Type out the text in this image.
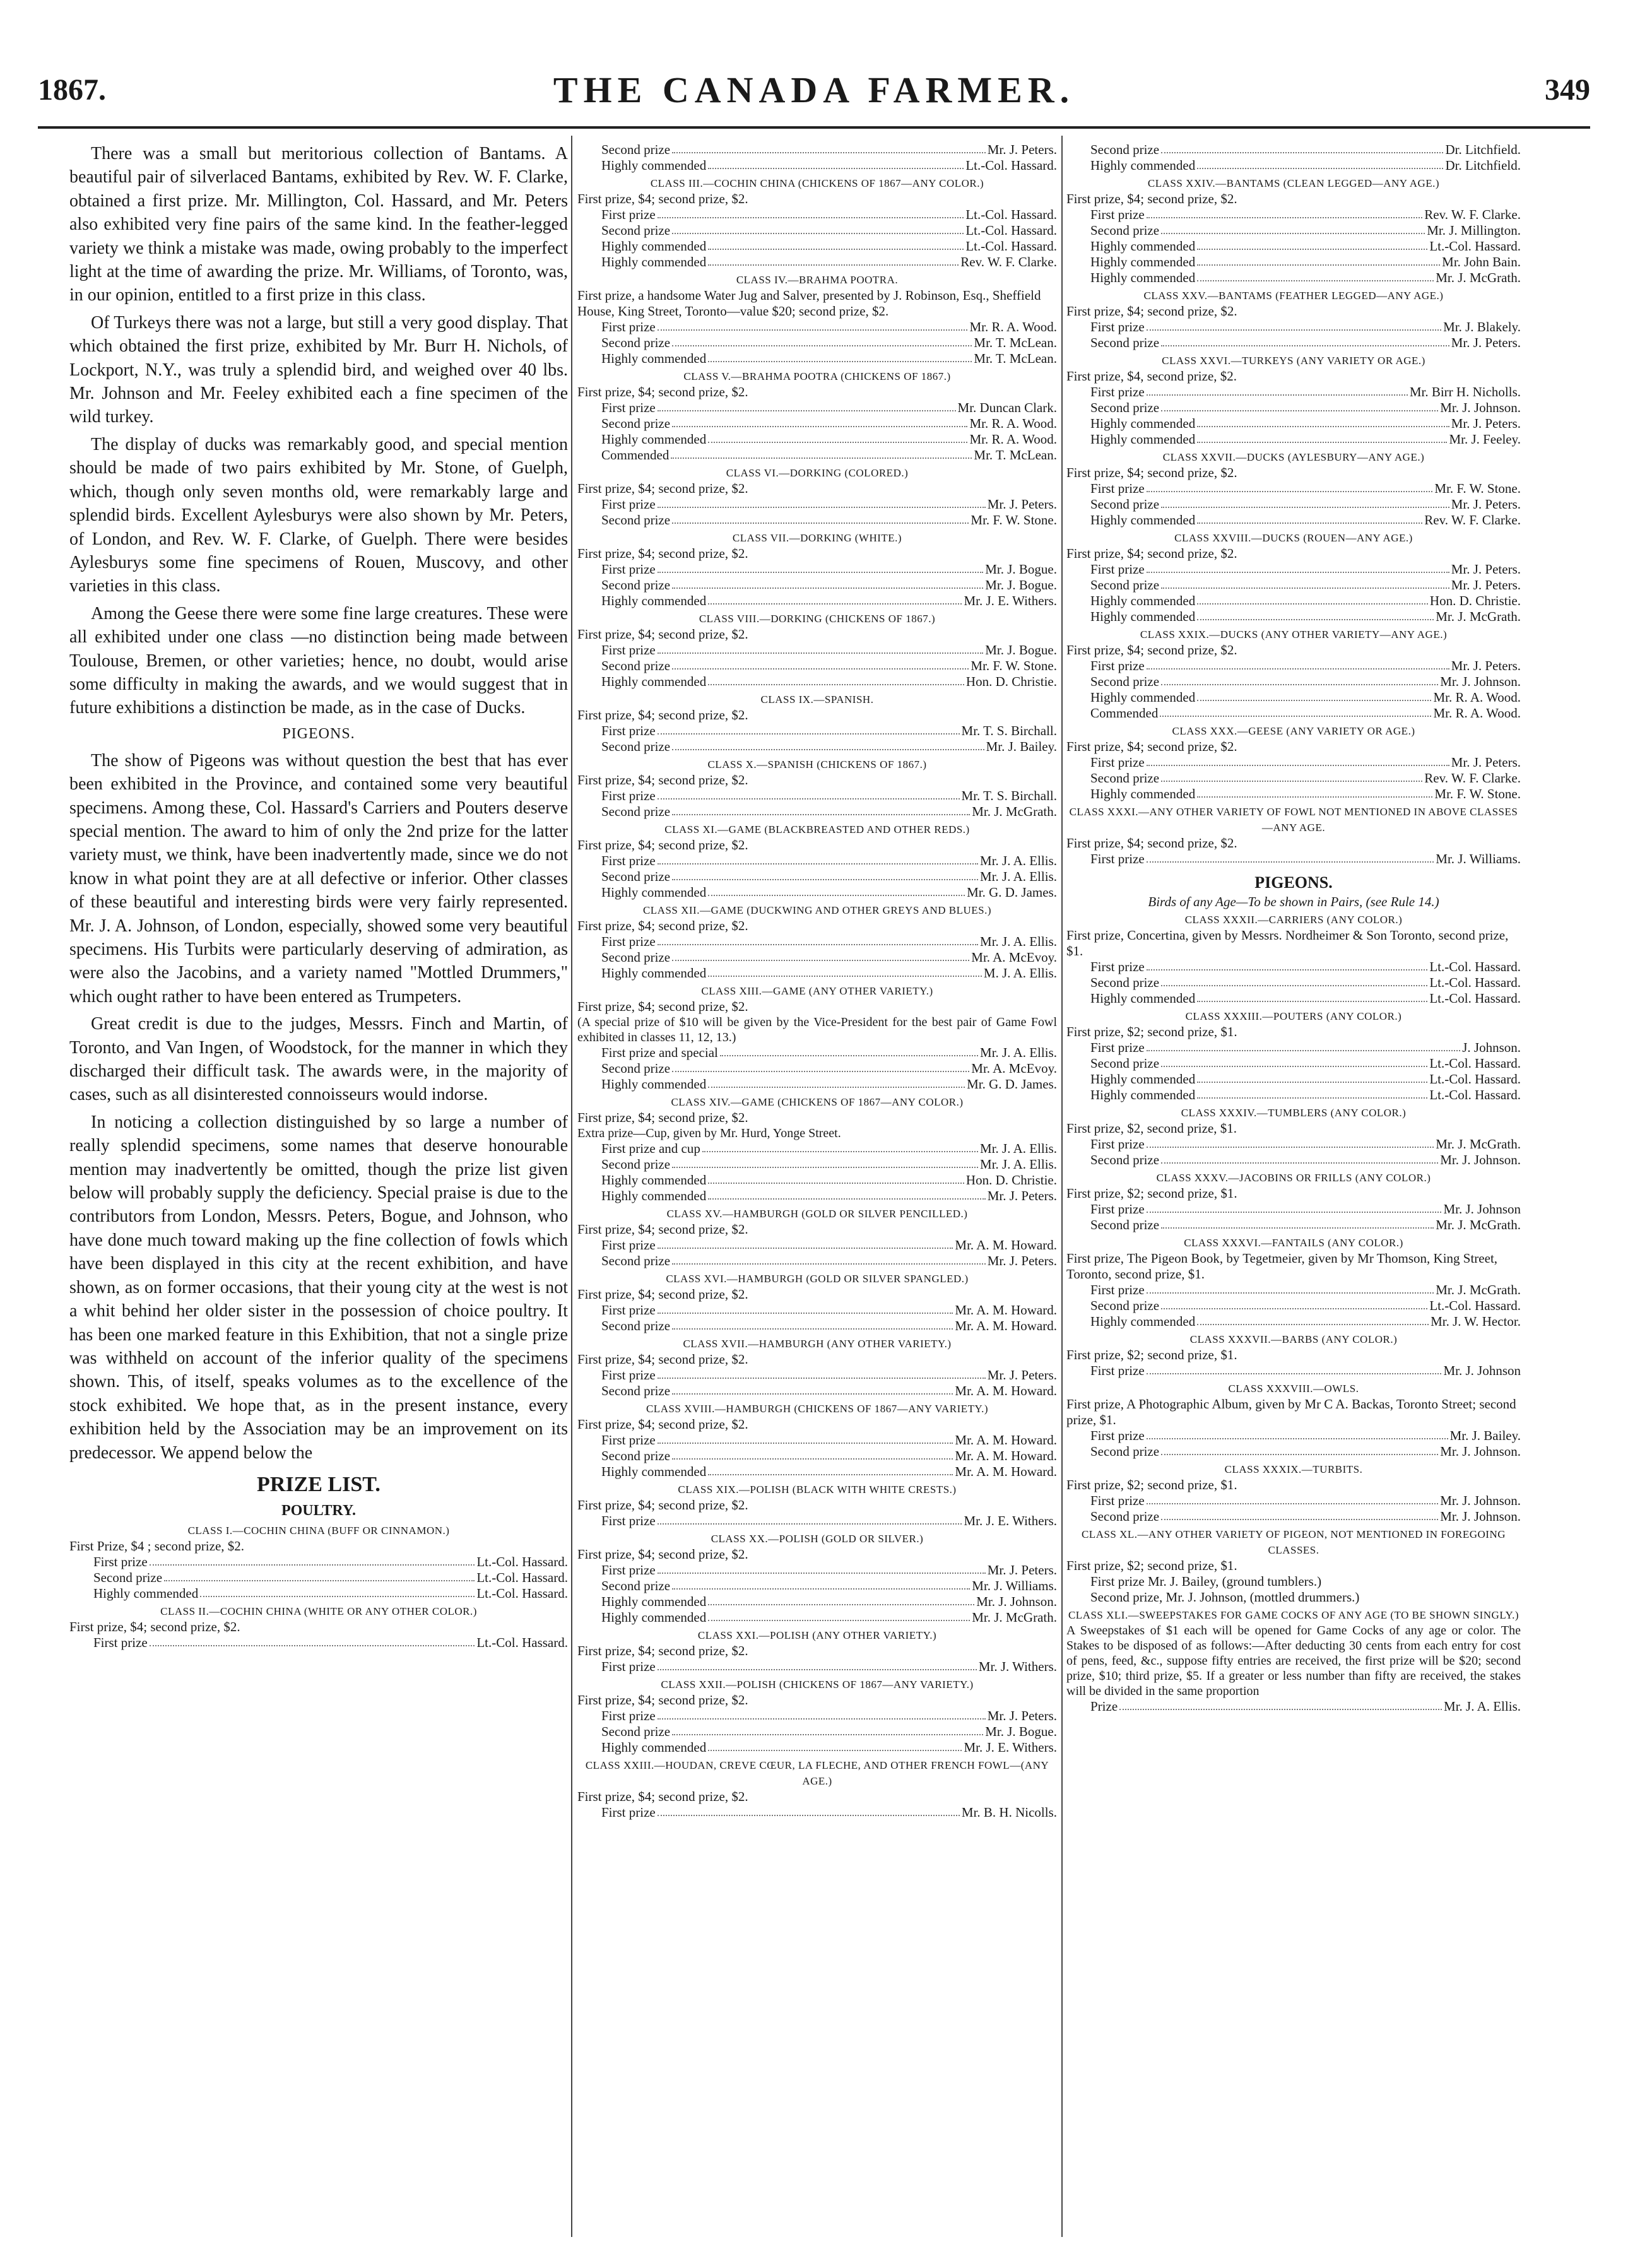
1867.	THE CANADA FARMER.	349

There was a small but meritorious collection of Bantams. A beautiful pair of silverlaced Bantams, exhibited by Rev. W. F. Clarke, obtained a first prize. Mr. Millington, Col. Hassard, and Mr. Peters also exhibited very fine pairs of the same kind. In the feather-legged variety we think a mistake was made, owing probably to the imperfect light at the time of awarding the prize. Mr. Williams, of Toronto, was, in our opinion, entitled to a first prize in this class.

Of Turkeys there was not a large, but still a very good display. That which obtained the first prize, exhibited by Mr. Burr H. Nichols, of Lockport, N.Y., was truly a splendid bird, and weighed over 40 lbs. Mr. Johnson and Mr. Feeley exhibited each a fine specimen of the wild turkey.

The display of ducks was remarkably good, and special mention should be made of two pairs exhibited by Mr. Stone, of Guelph, which, though only seven months old, were remarkably large and splendid birds. Excellent Aylesburys were also shown by Mr. Peters, of London, and Rev. W. F. Clarke, of Guelph. There were besides Aylesburys some fine specimens of Rouen, Muscovy, and other varieties in this class.

Among the Geese there were some fine large creatures. These were all exhibited under one class —no distinction being made between Toulouse, Bremen, or other varieties; hence, no doubt, would arise some difficulty in making the awards, and we would suggest that in future exhibitions a distinction be made, as in the case of Ducks.

PIGEONS.

The show of Pigeons was without question the best that has ever been exhibited in the Province, and contained some very beautiful specimens. Among these, Col. Hassard's Carriers and Pouters deserve special mention. The award to him of only the 2nd prize for the latter variety must, we think, have been inadvertently made, since we do not know in what point they are at all defective or inferior. Other classes of these beautiful and interesting birds were very fairly represented. Mr. J. A. Johnson, of London, especially, showed some very beautiful specimens. His Turbits were particularly deserving of admiration, as were also the Jacobins, and a variety named "Mottled Drummers," which ought rather to have been entered as Trumpeters.

Great credit is due to the judges, Messrs. Finch and Martin, of Toronto, and Van Ingen, of Woodstock, for the manner in which they discharged their difficult task. The awards were, in the majority of cases, such as all disinterested connoisseurs would indorse.

In noticing a collection distinguished by so large a number of really splendid specimens, some names that deserve honourable mention may inadvertently be omitted, though the prize list given below will probably supply the deficiency. Special praise is due to the contributors from London, Messrs. Peters, Bogue, and Johnson, who have done much toward making up the fine collection of fowls which have been displayed in this city at the recent exhibition, and have shown, as on former occasions, that their young city at the west is not a whit behind her older sister in the possession of choice poultry. It has been one marked feature in this Exhibition, that not a single prize was withheld on account of the inferior quality of the specimens shown. This, of itself, speaks volumes as to the excellence of the stock exhibited. We hope that, as in the present instance, every exhibition held by the Association may be an improvement on its predecessor. We append below the

PRIZE LIST.

POULTRY.

CLASS I.—COCHIN CHINA (BUFF OR CINNAMON.)
First Prize, $4 ; second prize, $2.
First prize	Lt.-Col. Hassard.
Second prize	Lt.-Col. Hassard.
Highly commended	Lt.-Col. Hassard.
CLASS II.—COCHIN CHINA (WHITE OR ANY OTHER COLOR.)
First prize, $4; second prize, $2.
First prize	Lt.-Col. Hassard.
Second prize	Mr. J. Peters.
Highly commended	Lt.-Col. Hassard.
CLASS III.—COCHIN CHINA (CHICKENS OF 1867—ANY COLOR.)
First prize, $4; second prize, $2.
First prize	Lt.-Col. Hassard.
Second prize	Lt.-Col. Hassard.
Highly commended	Lt.-Col. Hassard.
Highly commended	Rev. W. F. Clarke.
CLASS IV.—BRAHMA POOTRA.
First prize, a handsome Water Jug and Salver, presented by J. Robinson, Esq., Sheffield House, King Street, Toronto—value $20; second prize, $2.
First prize	Mr. R. A. Wood.
Second prize	Mr. T. McLean.
Highly commended	Mr. T. McLean.
CLASS V.—BRAHMA POOTRA (CHICKENS OF 1867.)
First prize, $4; second prize, $2.
First prize	Mr. Duncan Clark.
Second prize	Mr. R. A. Wood.
Highly commended	Mr. R. A. Wood.
Commended	Mr. T. McLean.
CLASS VI.—DORKING (COLORED.)
First prize, $4; second prize, $2.
First prize	Mr. J. Peters.
Second prize	Mr. F. W. Stone.
CLASS VII.—DORKING (WHITE.)
First prize, $4; second prize, $2.
First prize	Mr. J. Bogue.
Second prize	Mr. J. Bogue.
Highly commended	Mr. J. E. Withers.
CLASS VIII.—DORKING (CHICKENS OF 1867.)
First prize, $4; second prize, $2.
First prize	Mr. J. Bogue.
Second prize	Mr. F. W. Stone.
Highly commended	Hon. D. Christie.
CLASS IX.—SPANISH.
First prize, $4; second prize, $2.
First prize	Mr. T. S. Birchall.
Second prize	Mr. J. Bailey.
CLASS X.—SPANISH (CHICKENS OF 1867.)
First prize, $4; second prize, $2.
First prize	Mr. T. S. Birchall.
Second prize	Mr. J. McGrath.
CLASS XI.—GAME (BLACKBREASTED AND OTHER REDS.)
First prize, $4; second prize, $2.
First prize	Mr. J. A. Ellis.
Second prize	Mr. J. A. Ellis.
Highly commended	Mr. G. D. James.
CLASS XII.—GAME (DUCKWING AND OTHER GREYS AND BLUES.)
First prize, $4; second prize, $2.
First prize	Mr. J. A. Ellis.
Second prize	Mr. A. McEvoy.
Highly commended	M. J. A. Ellis.
CLASS XIII.—GAME (ANY OTHER VARIETY.)
First prize, $4; second prize, $2.
(A special prize of $10 will be given by the Vice-President for the best pair of Game Fowl exhibited in classes 11, 12, 13.)
First prize and special	Mr. J. A. Ellis.
Second prize	Mr. A. McEvoy.
Highly commended	Mr. G. D. James.
CLASS XIV.—GAME (CHICKENS OF 1867—ANY COLOR.)
First prize, $4; second prize, $2.
Extra prize—Cup, given by Mr. Hurd, Yonge Street.
First prize and cup	Mr. J. A. Ellis.
Second prize	Mr. J. A. Ellis.
Highly commended	Hon. D. Christie.
Highly commended	Mr. J. Peters.
CLASS XV.—HAMBURGH (GOLD OR SILVER PENCILLED.)
First prize, $4; second prize, $2.
First prize	Mr. A. M. Howard.
Second prize	Mr. J. Peters.
CLASS XVI.—HAMBURGH (GOLD OR SILVER SPANGLED.)
First prize, $4; second prize, $2.
First prize	Mr. A. M. Howard.
Second prize	Mr. A. M. Howard.
CLASS XVII.—HAMBURGH (ANY OTHER VARIETY.)
First prize, $4; second prize, $2.
First prize	Mr. J. Peters.
Second prize	Mr. A. M. Howard.
CLASS XVIII.—HAMBURGH (CHICKENS OF 1867—ANY VARIETY.)
First prize, $4; second prize, $2.
First prize	Mr. A. M. Howard.
Second prize	Mr. A. M. Howard.
Highly commended	Mr. A. M. Howard.
CLASS XIX.—POLISH (BLACK WITH WHITE CRESTS.)
First prize, $4; second prize, $2.
First prize	Mr. J. E. Withers.
CLASS XX.—POLISH (GOLD OR SILVER.)
First prize, $4; second prize, $2.
First prize	Mr. J. Peters.
Second prize	Mr. J. Williams.
Highly commended	Mr. J. Johnson.
Highly commended	Mr. J. McGrath.
CLASS XXI.—POLISH (ANY OTHER VARIETY.)
First prize, $4; second prize, $2.
First prize	Mr. J. Withers.
CLASS XXII.—POLISH (CHICKENS OF 1867—ANY VARIETY.)
First prize, $4; second prize, $2.
First prize	Mr. J. Peters.
Second prize	Mr. J. Bogue.
Highly commended	Mr. J. E. Withers.
CLASS XXIII.—HOUDAN, CREVE CŒUR, LA FLECHE, AND OTHER FRENCH FOWL—(ANY AGE.)
First prize, $4; second prize, $2.
First prize	Mr. B. H. Nicolls.
Second prize	Dr. Litchfield.
Highly commended	Dr. Litchfield.
CLASS XXIV.—BANTAMS (CLEAN LEGGED—ANY AGE.)
First prize, $4; second prize, $2.
First prize	Rev. W. F. Clarke.
Second prize	Mr. J. Millington.
Highly commended	Lt.-Col. Hassard.
Highly commended	Mr. John Bain.
Highly commended	Mr. J. McGrath.
CLASS XXV.—BANTAMS (FEATHER LEGGED—ANY AGE.)
First prize, $4; second prize, $2.
First prize	Mr. J. Blakely.
Second prize	Mr. J. Peters.
CLASS XXVI.—TURKEYS (ANY VARIETY OR AGE.)
First prize, $4, second prize, $2.
First prize	Mr. Birr H. Nicholls.
Second prize	Mr. J. Johnson.
Highly commended	Mr. J. Peters.
Highly commended	Mr. J. Feeley.
CLASS XXVII.—DUCKS (AYLESBURY—ANY AGE.)
First prize, $4; second prize, $2.
First prize	Mr. F. W. Stone.
Second prize	Mr. J. Peters.
Highly commended	Rev. W. F. Clarke.
CLASS XXVIII.—DUCKS (ROUEN—ANY AGE.)
First prize, $4; second prize, $2.
First prize	Mr. J. Peters.
Second prize	Mr. J. Peters.
Highly commended	Hon. D. Christie.
Highly commended	Mr. J. McGrath.
CLASS XXIX.—DUCKS (ANY OTHER VARIETY—ANY AGE.)
First prize, $4; second prize, $2.
First prize	Mr. J. Peters.
Second prize	Mr. J. Johnson.
Highly commended	Mr. R. A. Wood.
Commended	Mr. R. A. Wood.
CLASS XXX.—GEESE (ANY VARIETY OR AGE.)
First prize, $4; second prize, $2.
First prize	Mr. J. Peters.
Second prize	Rev. W. F. Clarke.
Highly commended	Mr. F. W. Stone.
CLASS XXXI.—ANY OTHER VARIETY OF FOWL NOT MENTIONED IN ABOVE CLASSES—ANY AGE.
First prize, $4; second prize, $2.
First prize	Mr. J. Williams.
PIGEONS.
Birds of any Age—To be shown in Pairs, (see Rule 14.)
CLASS XXXII.—CARRIERS (ANY COLOR.)
First prize, Concertina, given by Messrs. Nordheimer & Son Toronto, second prize, $1.
First prize	Lt.-Col. Hassard.
Second prize	Lt.-Col. Hassard.
Highly commended	Lt.-Col. Hassard.
CLASS XXXIII.—POUTERS (ANY COLOR.)
First prize, $2; second prize, $1.
First prize	J. Johnson.
Second prize	Lt.-Col. Hassard.
Highly commended	Lt.-Col. Hassard.
Highly commended	Lt.-Col. Hassard.
CLASS XXXIV.—TUMBLERS (ANY COLOR.)
First prize, $2, second prize, $1.
First prize	Mr. J. McGrath.
Second prize	Mr. J. Johnson.
CLASS XXXV.—JACOBINS OR FRILLS (ANY COLOR.)
First prize, $2; second prize, $1.
First prize	Mr. J. Johnson
Second prize	Mr. J. McGrath.
CLASS XXXVI.—FANTAILS (ANY COLOR.)
First prize, The Pigeon Book, by Tegetmeier, given by Mr Thomson, King Street, Toronto, second prize, $1.
First prize	Mr. J. McGrath.
Second prize	Lt.-Col. Hassard.
Highly commended	Mr. J. W. Hector.
CLASS XXXVII.—BARBS (ANY COLOR.)
First prize, $2; second prize, $1.
First prize	Mr. J. Johnson
CLASS XXXVIII.—OWLS.
First prize, A Photographic Album, given by Mr C A. Backas, Toronto Street; second prize, $1.
First prize	Mr. J. Bailey.
Second prize	Mr. J. Johnson.
CLASS XXXIX.—TURBITS.
First prize, $2; second prize, $1.
First prize	Mr. J. Johnson.
Second prize	Mr. J. Johnson.
CLASS XL.—ANY OTHER VARIETY OF PIGEON, NOT MENTIONED IN FOREGOING CLASSES.
First prize, $2; second prize, $1.
First prize Mr. J. Bailey, (ground tumblers.)
Second prize, Mr. J. Johnson, (mottled drummers.)
CLASS XLI.—SWEEPSTAKES FOR GAME COCKS OF ANY AGE (TO BE SHOWN SINGLY.)
A Sweepstakes of $1 each will be opened for Game Cocks of any age or color. The Stakes to be disposed of as follows:—After deducting 30 cents from each entry for cost of pens, feed, &c., suppose fifty entries are received, the first prize will be $20; second prize, $10; third prize, $5. If a greater or less number than fifty are received, the stakes will be divided in the same proportion
Prize	Mr. J. A. Ellis.
